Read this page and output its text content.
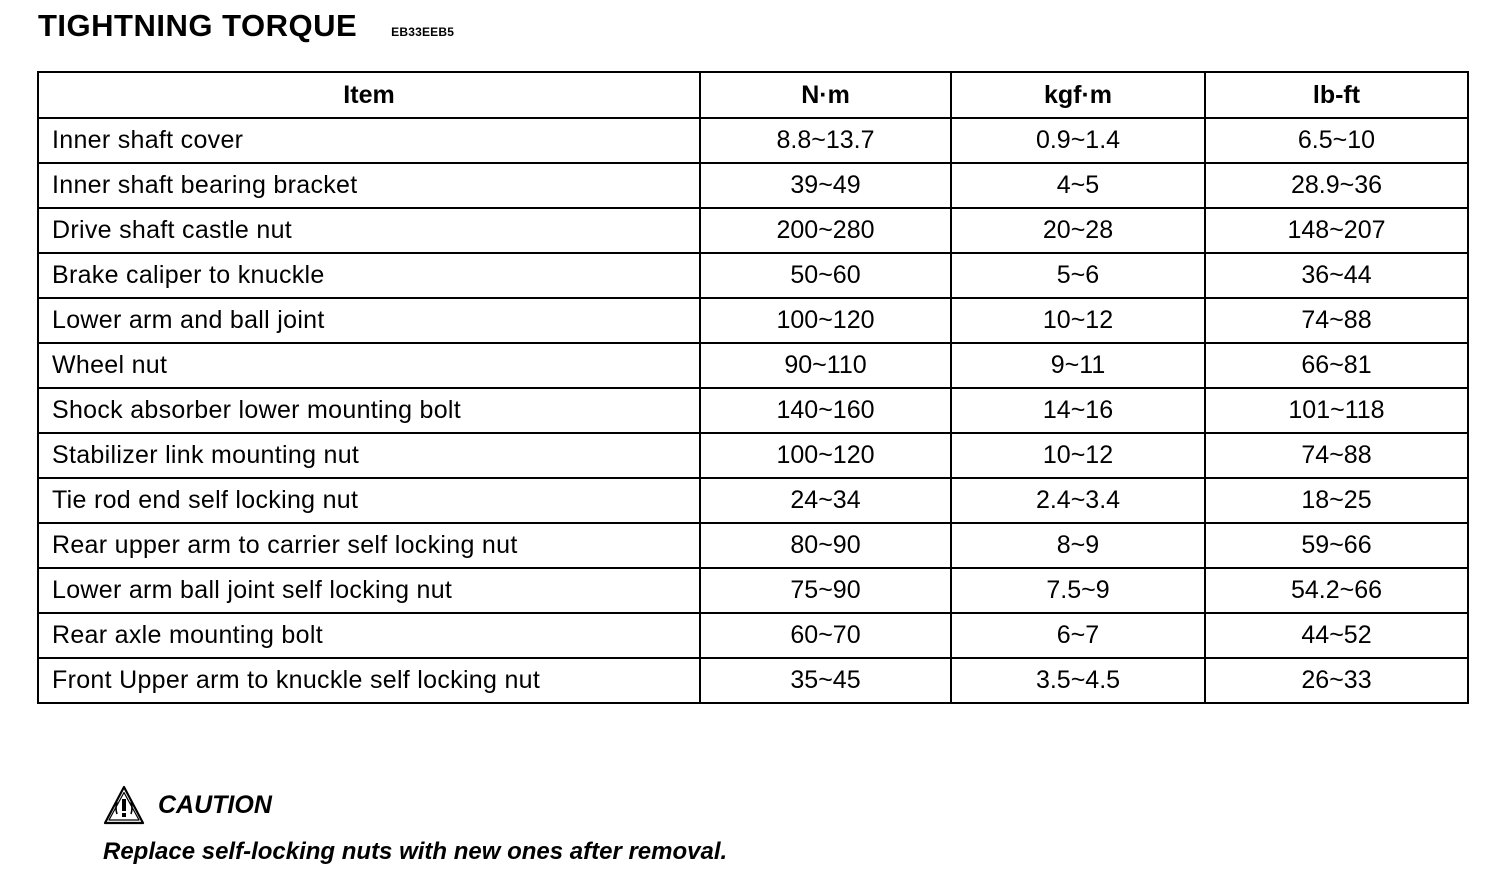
TIGHTNING TORQUE	EB33EEB5
Item	N·m	kgf·m	lb-ft
Inner shaft cover	8.8~13.7	0.9~1.4	6.5~10
Inner shaft bearing bracket	39~49	4~5	28.9~36
Drive shaft castle nut	200~280	20~28	148~207
Brake caliper to knuckle	50~60	5~6	36~44
Lower arm and ball joint	100~120	10~12	74~88
Wheel nut	90~110	9~11	66~81
Shock absorber lower mounting bolt	140~160	14~16	101~118
Stabilizer link mounting nut	100~120	10~12	74~88
Tie rod end self locking nut	24~34	2.4~3.4	18~25
Rear upper arm to carrier self locking nut	80~90	8~9	59~66
Lower arm ball joint self locking nut	75~90	7.5~9	54.2~66
Rear axle mounting bolt	60~70	6~7	44~52
Front Upper arm to knuckle self locking nut	35~45	3.5~4.5	26~33
CAUTION
Replace self-locking nuts with new ones after removal.
